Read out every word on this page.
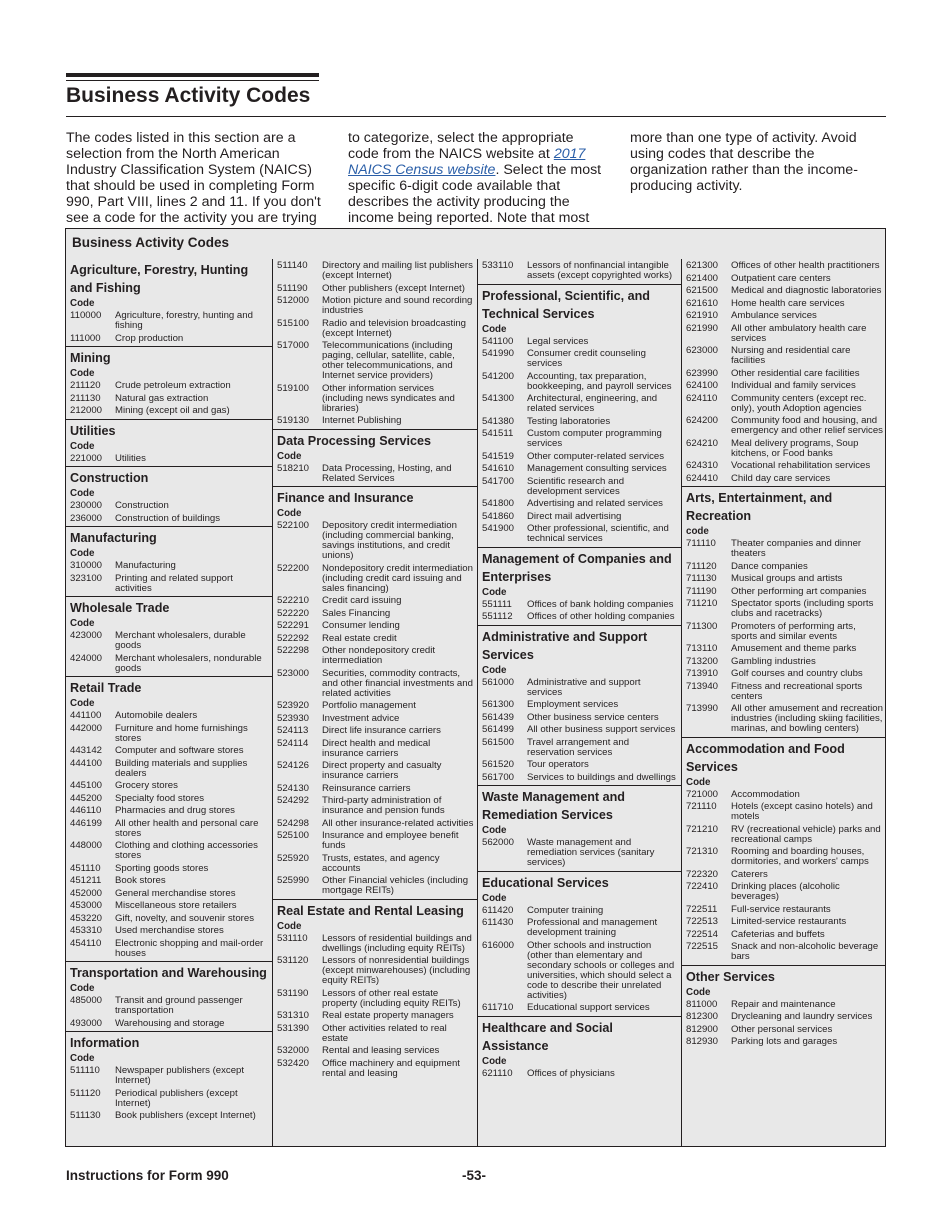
Business Activity Codes
The codes listed in this section are a selection from the North American Industry Classification System (NAICS) that should be used in completing Form 990, Part VIII, lines 2 and 11. If you don't see a code for the activity you are trying
to categorize, select the appropriate code from the NAICS website at 2017 NAICS Census website. Select the most specific 6-digit code available that describes the activity producing the income being reported. Note that most
more than one type of activity. Avoid using codes that describe the organization rather than the income-producing activity.
Business Activity Codes
Agriculture, Forestry, Hunting and Fishing
Code
110000	Agriculture, forestry, hunting and fishing
111000	Crop production
Mining
Code
211120	Crude petroleum extraction
211130	Natural gas extraction
212000	Mining (except oil and gas)
Utilities
Code
221000	Utilities
Construction
Code
230000	Construction
236000	Construction of buildings
Manufacturing
Code
310000	Manufacturing
323100	Printing and related support activities
Wholesale Trade
Code
423000	Merchant wholesalers, durable goods
424000	Merchant wholesalers, nondurable goods
Retail Trade
Code
441100	Automobile dealers
442000	Furniture and home furnishings stores
443142	Computer and software stores
444100	Building materials and supplies dealers
445100	Grocery stores
445200	Specialty food stores
446110	Pharmacies and drug stores
446199	All other health and personal care stores
448000	Clothing and clothing accessories stores
451110	Sporting goods stores
451211	Book stores
452000	General merchandise stores
453000	Miscellaneous store retailers
453220	Gift, novelty, and souvenir stores
453310	Used merchandise stores
454110	Electronic shopping and mail-order houses
Transportation and Warehousing
Code
485000	Transit and ground passenger transportation
493000	Warehousing and storage
Information
Code
511110	Newspaper publishers (except Internet)
511120	Periodical publishers (except Internet)
511130	Book publishers (except Internet)
511140	Directory and mailing list publishers (except Internet)
511190	Other publishers (except Internet)
512000	Motion picture and sound recording industries
515100	Radio and television broadcasting (except Internet)
517000	Telecommunications (including paging, cellular, satellite, cable, other telecommunications, and Internet service providers)
519100	Other information services (including news syndicates and libraries)
519130	Internet Publishing
Data Processing Services
Code
518210	Data Processing, Hosting, and Related Services
Finance and Insurance
Code
522100	Depository credit intermediation (including commercial banking, savings institutions, and credit unions)
522200	Nondepository credit intermediation (including credit card issuing and sales financing)
522210	Credit card issuing
522220	Sales Financing
522291	Consumer lending
522292	Real estate credit
522298	Other nondepository credit intermediation
523000	Securities, commodity contracts, and other financial investments and related activities
523920	Portfolio management
523930	Investment advice
524113	Direct life insurance carriers
524114	Direct health and medical insurance carriers
524126	Direct property and casualty insurance carriers
524130	Reinsurance carriers
524292	Third-party administration of insurance and pension funds
524298	All other insurance-related activities
525100	Insurance and employee benefit funds
525920	Trusts, estates, and agency accounts
525990	Other Financial vehicles (including mortgage REITs)
Real Estate and Rental Leasing
Code
531110	Lessors of residential buildings and dwellings (including equity REITs)
531120	Lessors of nonresidential buildings (except minwarehouses) (including equity REITs)
531190	Lessors of other real estate property (including equity REITs)
531310	Real estate property managers
531390	Other activities related to real estate
532000	Rental and leasing services
532420	Office machinery and equipment rental and leasing
533110	Lessors of nonfinancial intangible assets (except copyrighted works)
Professional, Scientific, and Technical Services
Code
541100	Legal services
541990	Consumer credit counseling services
541200	Accounting, tax preparation, bookkeeping, and payroll services
541300	Architectural, engineering, and related services
541380	Testing laboratories
541511	Custom computer programming services
541519	Other computer-related services
541610	Management consulting services
541700	Scientific research and development services
541800	Advertising and related services
541860	Direct mail advertising
541900	Other professional, scientific, and technical services
Management of Companies and Enterprises
Code
551111	Offices of bank holding companies
551112	Offices of other holding companies
Administrative and Support Services
Code
561000	Administrative and support services
561300	Employment services
561439	Other business service centers
561499	All other business support services
561500	Travel arrangement and reservation services
561520	Tour operators
561700	Services to buildings and dwellings
Waste Management and Remediation Services
Code
562000	Waste management and remediation services (sanitary services)
Educational Services
Code
611420	Computer training
611430	Professional and management development training
616000	Other schools and instruction (other than elementary and secondary schools or colleges and universities, which should select a code to describe their unrelated activities)
611710	Educational support services
Healthcare and Social Assistance
Code
621110	Offices of physicians
621300	Offices of other health practitioners
621400	Outpatient care centers
621500	Medical and diagnostic laboratories
621610	Home health care services
621910	Ambulance services
621990	All other ambulatory health care services
623000	Nursing and residential care facilities
623990	Other residential care facilities
624100	Individual and family services
624110	Community centers (except rec. only), youth Adoption agencies
624200	Community food and housing, and emergency and other relief services
624210	Meal delivery programs, Soup kitchens, or Food banks
624310	Vocational rehabilitation services
624410	Child day care services
Arts, Entertainment, and Recreation
code
711110	Theater companies and dinner theaters
711120	Dance companies
711130	Musical groups and artists
711190	Other performing art companies
711210	Spectator sports (including sports clubs and racetracks)
711300	Promoters of performing arts, sports and similar events
713110	Amusement and theme parks
713200	Gambling industries
713910	Golf courses and country clubs
713940	Fitness and recreational sports centers
713990	All other amusement and recreation industries (including skiing facilities, marinas, and bowling centers)
Accommodation and Food Services
Code
721000	Accommodation
721110	Hotels (except casino hotels) and motels
721210	RV (recreational vehicle) parks and recreational camps
721310	Rooming and boarding houses, dormitories, and workers' camps
722320	Caterers
722410	Drinking places (alcoholic beverages)
722511	Full-service restaurants
722513	Limited-service restaurants
722514	Cafeterias and buffets
722515	Snack and non-alcoholic beverage bars
Other Services
Code
811000	Repair and maintenance
812300	Drycleaning and laundry services
812900	Other personal services
812930	Parking lots and garages
Instructions for Form 990	-53-
